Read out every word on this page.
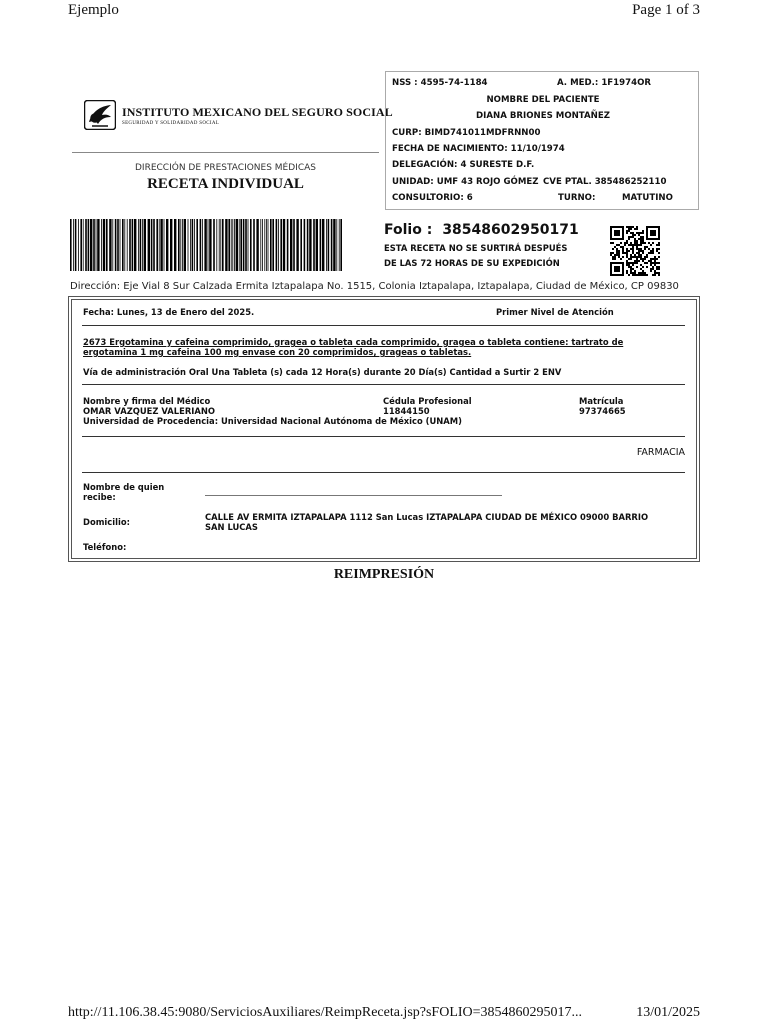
Ejemplo	Page 1 of 3
INSTITUTO MEXICANO DEL SEGURO SOCIAL
SEGURIDAD Y SOLIDARIDAD SOCIAL
DIRECCIÓN DE PRESTACIONES MÉDICAS
RECETA INDIVIDUAL
NSS : 4595-74-1184	A. MED.: 1F1974OR
NOMBRE DEL PACIENTE
DIANA BRIONES MONTAÑEZ
CURP: BIMD741011MDFRNN00
FECHA DE NACIMIENTO: 11/10/1974
DELEGACIÓN: 4 SURESTE D.F.
UNIDAD: UMF 43 ROJO GÓMEZ CVE PTAL. 385486252110
CONSULTORIO: 6	TURNO:	MATUTINO
Folio : 38548602950171
ESTA RECETA NO SE SURTIRÁ DESPUÉS
DE LAS 72 HORAS DE SU EXPEDICIÓN
Dirección: Eje Vial 8 Sur Calzada Ermita Iztapalapa No. 1515, Colonia Iztapalapa, Iztapalapa, Ciudad de México, CP 09830
Fecha: Lunes, 13 de Enero del 2025.	Primer Nivel de Atención
2673 Ergotamina y cafeina comprimido, gragea o tableta cada comprimido, gragea o tableta contiene: tartrato de
ergotamina 1 mg cafeina 100 mg envase con 20 comprimidos, grageas o tabletas.
Vía de administración Oral Una Tableta (s) cada 12 Hora(s) durante 20 Día(s) Cantidad a Surtir 2 ENV
Nombre y firma del Médico
OMAR VAZQUEZ VALERIANO
Universidad de Procedencia: Universidad Nacional Autónoma de México (UNAM)
Cédula Profesional
11844150
Matrícula
97374665
FARMACIA
Nombre de quien
recibe:
Domicilio:	CALLE AV ERMITA IZTAPALAPA 1112 San Lucas IZTAPALAPA CIUDAD DE MÉXICO 09000 BARRIO
SAN LUCAS
Teléfono:
REIMPRESIÓN
http://11.106.38.45:9080/ServiciosAuxiliares/ReimpReceta.jsp?sFOLIO=3854860295017...	13/01/2025
